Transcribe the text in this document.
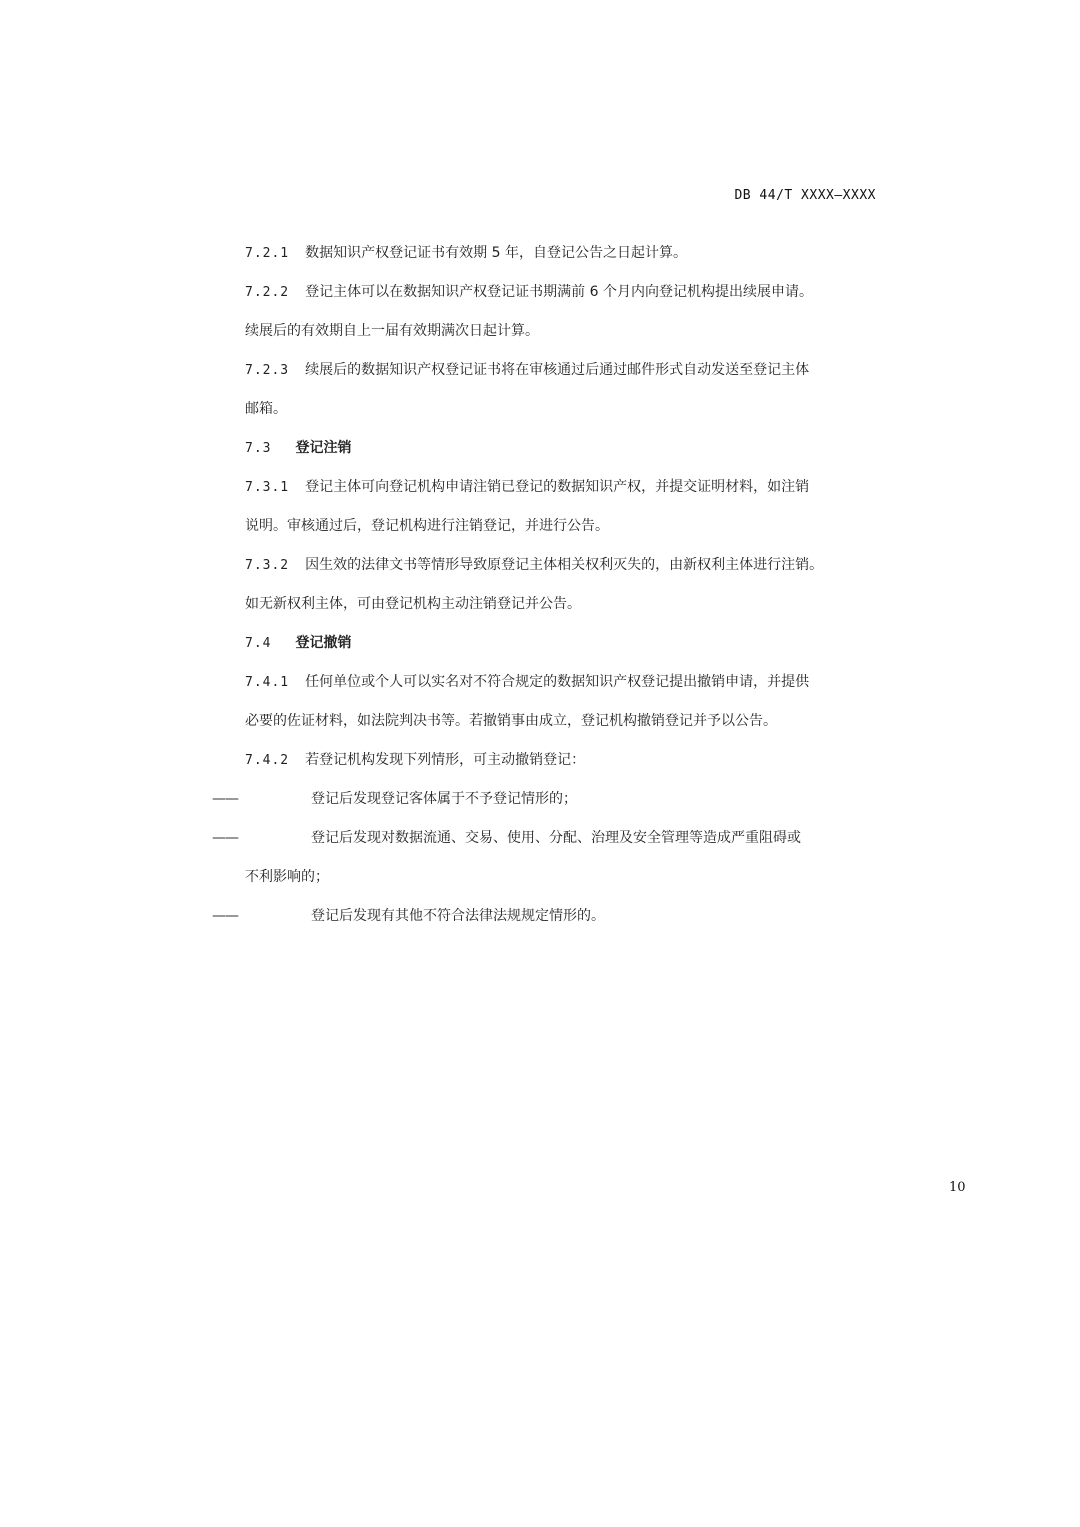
DB 44/T XXXX—XXXX
7.2.1 数据知识产权登记证书有效期 5 年，自登记公告之日起计算。
7.2.2 登记主体可以在数据知识产权登记证书期满前 6 个月内向登记机构提出续展申请。
续展后的有效期自上一届有效期满次日起计算。
7.2.3 续展后的数据知识产权登记证书将在审核通过后通过邮件形式自动发送至登记主体
邮箱。
7.3 登记注销
7.3.1 登记主体可向登记机构申请注销已登记的数据知识产权，并提交证明材料，如注销
说明。审核通过后，登记机构进行注销登记，并进行公告。
7.3.2 因生效的法律文书等情形导致原登记主体相关权利灭失的，由新权利主体进行注销。
如无新权利主体，可由登记机构主动注销登记并公告。
7.4 登记撤销
7.4.1 任何单位或个人可以实名对不符合规定的数据知识产权登记提出撤销申请，并提供
必要的佐证材料，如法院判决书等。若撤销事由成立，登记机构撤销登记并予以公告。
7.4.2 若登记机构发现下列情形，可主动撤销登记：
——	登记后发现登记客体属于不予登记情形的；
——	登记后发现对数据流通、交易、使用、分配、治理及安全管理等造成严重阻碍或
不利影响的；
——	登记后发现有其他不符合法律法规规定情形的。
10
